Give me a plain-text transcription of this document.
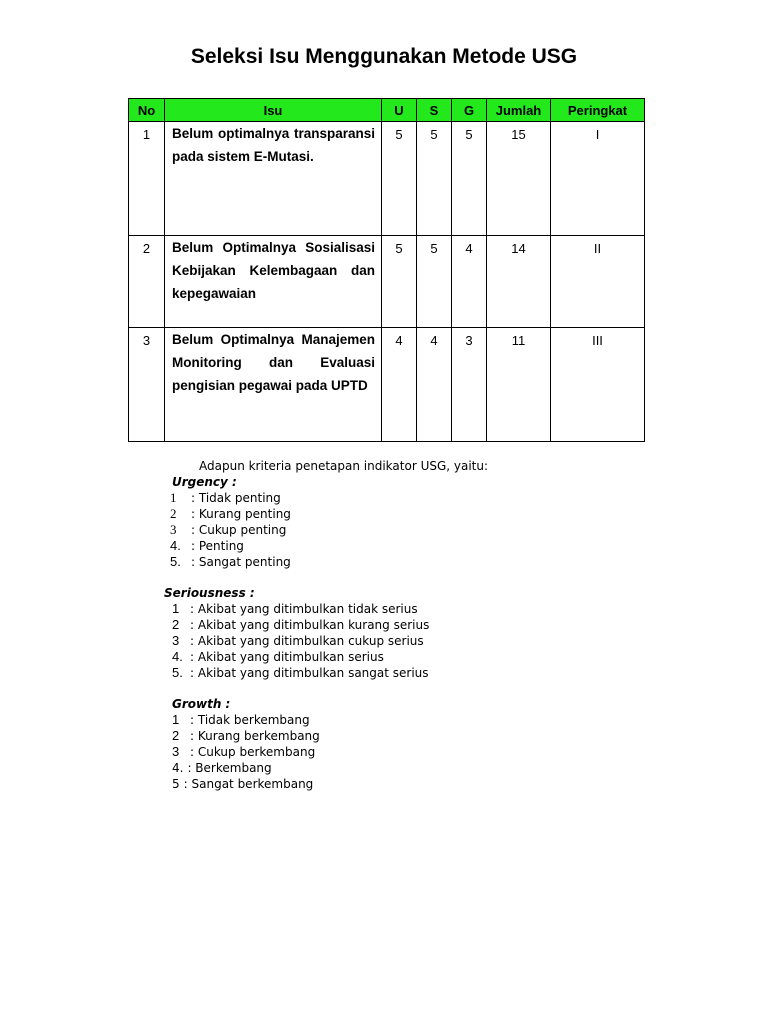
Seleksi Isu Menggunakan Metode USG
No	Isu	U	S	G	Jumlah	Peringkat
1	Belum optimalnya transparansi pada sistem E-Mutasi.	5	5	5	15	I
2	Belum Optimalnya Sosialisasi Kebijakan Kelembagaan dan kepegawaian	5	5	4	14	II
3	Belum Optimalnya Manajemen Monitoring dan Evaluasi pengisian pegawai pada UPTD	4	4	3	11	III
Adapun kriteria penetapan indikator USG, yaitu:
Urgency :
1	: Tidak penting
2	: Kurang penting
3	: Cukup penting
4. : Penting
5. : Sangat penting
Seriousness :
1 : Akibat yang ditimbulkan tidak serius
2 : Akibat yang ditimbulkan kurang serius
3 : Akibat yang ditimbulkan cukup serius
4. : Akibat yang ditimbulkan serius
5. : Akibat yang ditimbulkan sangat serius
Growth :
1 : Tidak berkembang
2 : Kurang berkembang
3 : Cukup berkembang
4. : Berkembang
5 : Sangat berkembang
